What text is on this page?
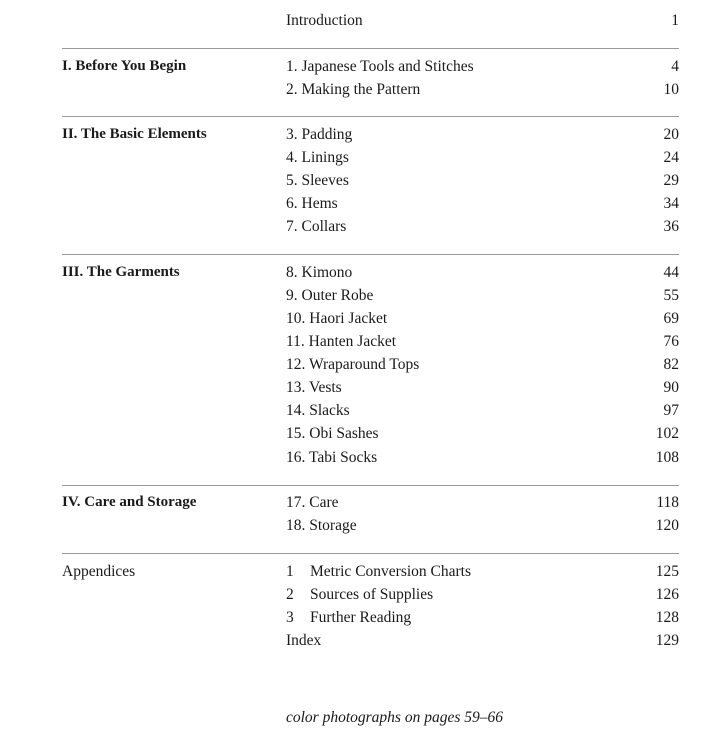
Introduction	1
I. Before You Begin	1. Japanese Tools and Stitches	4
2. Making the Pattern	10
II. The Basic Elements	3. Padding	20
4. Linings	24
5. Sleeves	29
6. Hems	34
7. Collars	36
III. The Garments	8. Kimono	44
9. Outer Robe	55
10. Haori Jacket	69
11. Hanten Jacket	76
12. Wraparound Tops	82
13. Vests	90
14. Slacks	97
15. Obi Sashes	102
16. Tabi Socks	108
IV. Care and Storage	17. Care	118
18. Storage	120
Appendices	1 Metric Conversion Charts	125
2 Sources of Supplies	126
3 Further Reading	128
Index	129
color photographs on pages 59–66
